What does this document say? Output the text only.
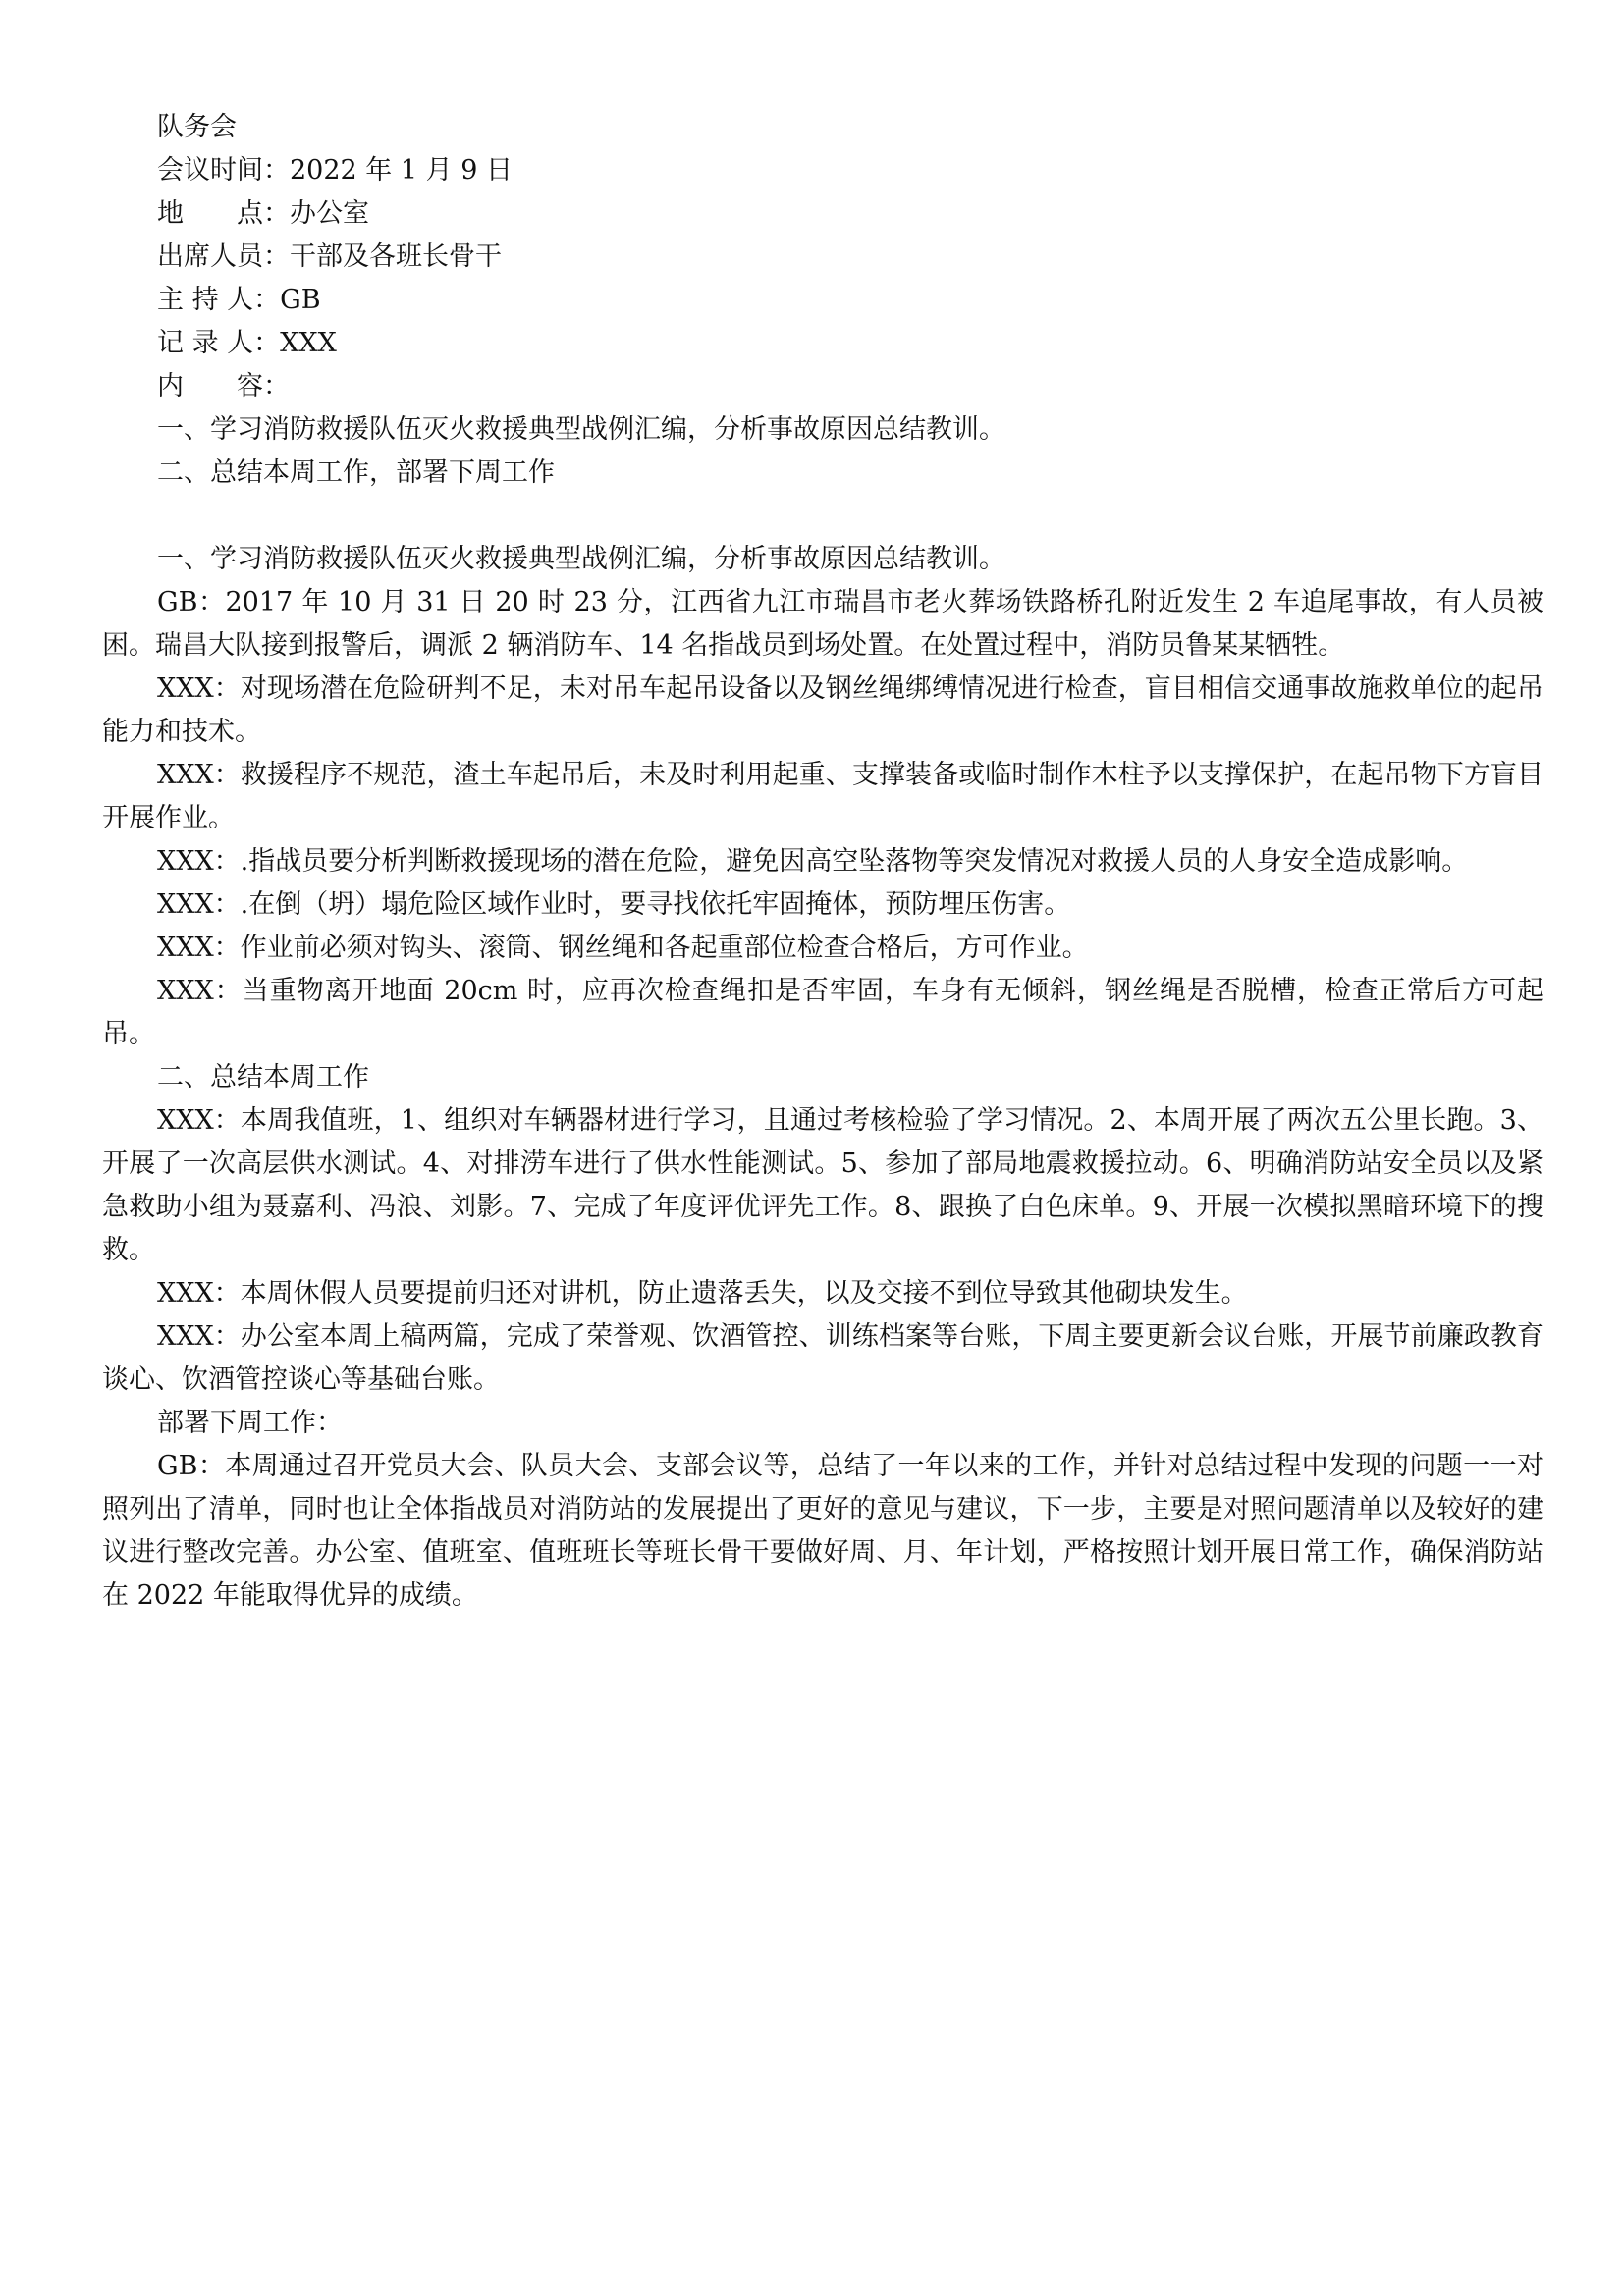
队务会

会议时间：2022 年 1 月 9 日

地　　点：办公室

出席人员：干部及各班长骨干

主 持 人：GB

记 录 人：XXX

内　　容：

一、学习消防救援队伍灭火救援典型战例汇编，分析事故原因总结教训。

二、总结本周工作，部署下周工作

一、学习消防救援队伍灭火救援典型战例汇编，分析事故原因总结教训。

GB：2017 年 10 月 31 日 20 时 23 分，江西省九江市瑞昌市老火葬场铁路桥孔附近发生 2 车追尾事故，有人员被困。瑞昌大队接到报警后，调派 2 辆消防车、14 名指战员到场处置。在处置过程中，消防员鲁某某牺牲。

XXX：对现场潜在危险研判不足，未对吊车起吊设备以及钢丝绳绑缚情况进行检查，盲目相信交通事故施救单位的起吊能力和技术。

XXX：救援程序不规范，渣土车起吊后，未及时利用起重、支撑装备或临时制作木柱予以支撑保护，在起吊物下方盲目开展作业。

XXX：.指战员要分析判断救援现场的潜在危险，避免因高空坠落物等突发情况对救援人员的人身安全造成影响。

XXX：.在倒（坍）塌危险区域作业时，要寻找依托牢固掩体，预防埋压伤害。

XXX：作业前必须对钩头、滚筒、钢丝绳和各起重部位检查合格后，方可作业。

XXX：当重物离开地面 20cm 时，应再次检查绳扣是否牢固，车身有无倾斜，钢丝绳是否脱槽，检查正常后方可起吊。

二、总结本周工作

XXX：本周我值班，1、组织对车辆器材进行学习，且通过考核检验了学习情况。2、本周开展了两次五公里长跑。3、开展了一次高层供水测试。4、对排涝车进行了供水性能测试。5、参加了部局地震救援拉动。6、明确消防站安全员以及紧急救助小组为聂嘉利、冯浪、刘影。7、完成了年度评优评先工作。8、跟换了白色床单。9、开展一次模拟黑暗环境下的搜救。

XXX：本周休假人员要提前归还对讲机，防止遗落丢失，以及交接不到位导致其他砌块发生。

XXX：办公室本周上稿两篇，完成了荣誉观、饮酒管控、训练档案等台账，下周主要更新会议台账，开展节前廉政教育谈心、饮酒管控谈心等基础台账。

部署下周工作：

GB：本周通过召开党员大会、队员大会、支部会议等，总结了一年以来的工作，并针对总结过程中发现的问题一一对照列出了清单，同时也让全体指战员对消防站的发展提出了更好的意见与建议，下一步，主要是对照问题清单以及较好的建议进行整改完善。办公室、值班室、值班班长等班长骨干要做好周、月、年计划，严格按照计划开展日常工作，确保消防站在 2022 年能取得优异的成绩。
